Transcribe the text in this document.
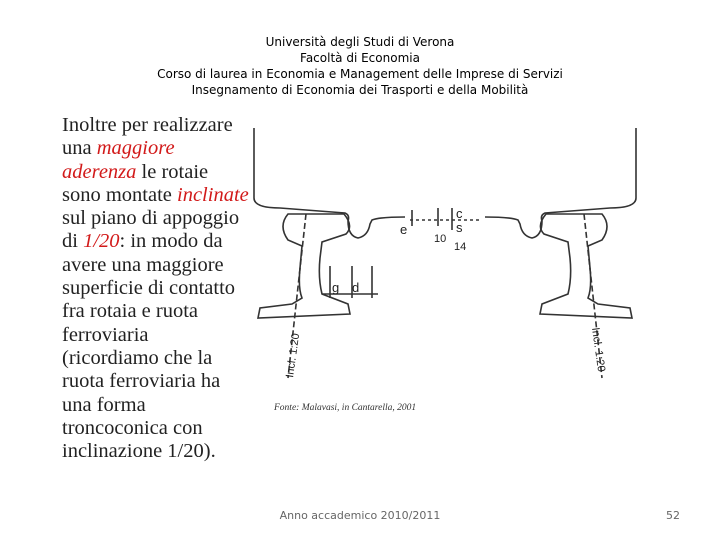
Università degli Studi di Verona
Facoltà di Economia
Corso di laurea in Economia e Management delle Imprese di Servizi
Insegnamento di Economia dei Trasporti e della Mobilità
Inoltre per realizzare
una maggiore
aderenza le rotaie
sono montate inclinate
sul piano di appoggio
di 1/20: in modo da
avere una maggiore
superficie di contatto
fra rotaia e ruota
ferroviaria
(ricordiamo che la
ruota ferroviaria ha
una forma
troncoconica con
inclinazione 1/20).
c
e	s
10
14
g d
Incl. 1:20	Incl. 1:20
Fonte: Malavasi, in Cantarella, 2001
Anno accademico 2010/2011	52
